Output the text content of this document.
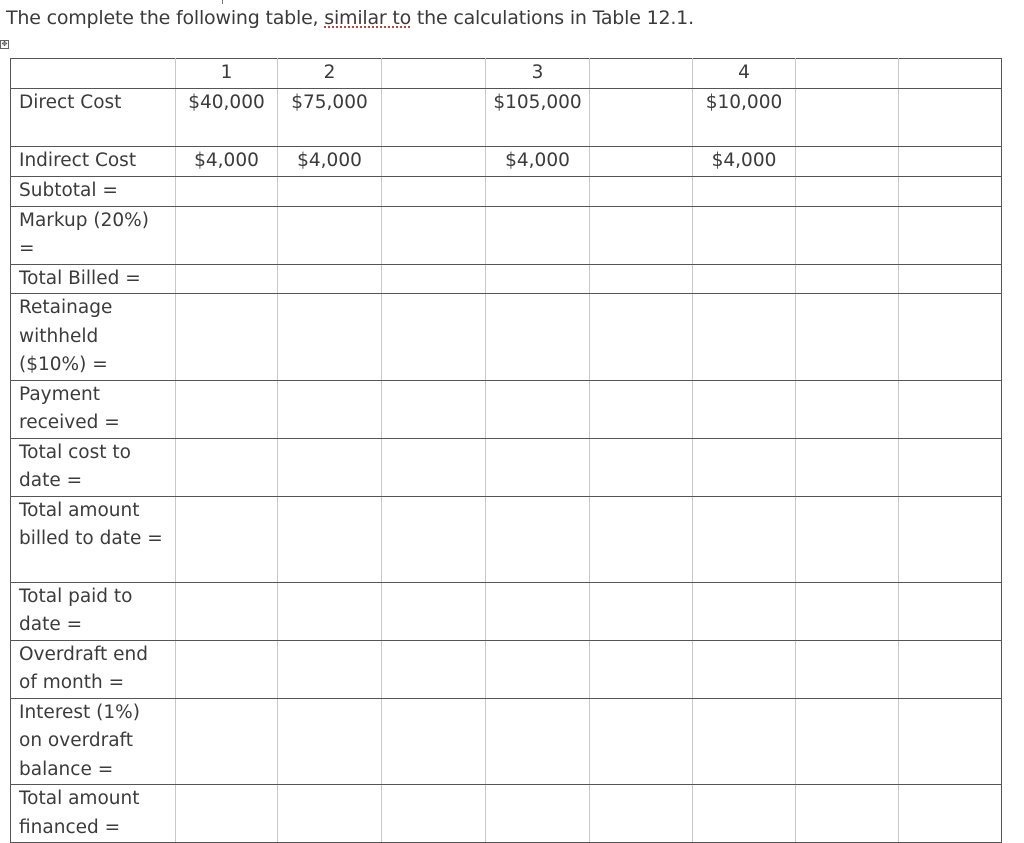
The complete the following table, similar to the calculations in Table 12.1.
✥
	1	2		3		4		
Direct Cost	$40,000	$75,000		$105,000		$10,000		
Indirect Cost	$4,000	$4,000		$4,000		$4,000		
Subtotal =								
Markup (20%) =								
Total Billed =								
Retainage withheld ($10%) =								
Payment received =								
Total cost to date =								
Total amount billed to date =								
Total paid to date =								
Overdraft end of month =								
Interest (1%) on overdraft balance =								
Total amount financed =								
